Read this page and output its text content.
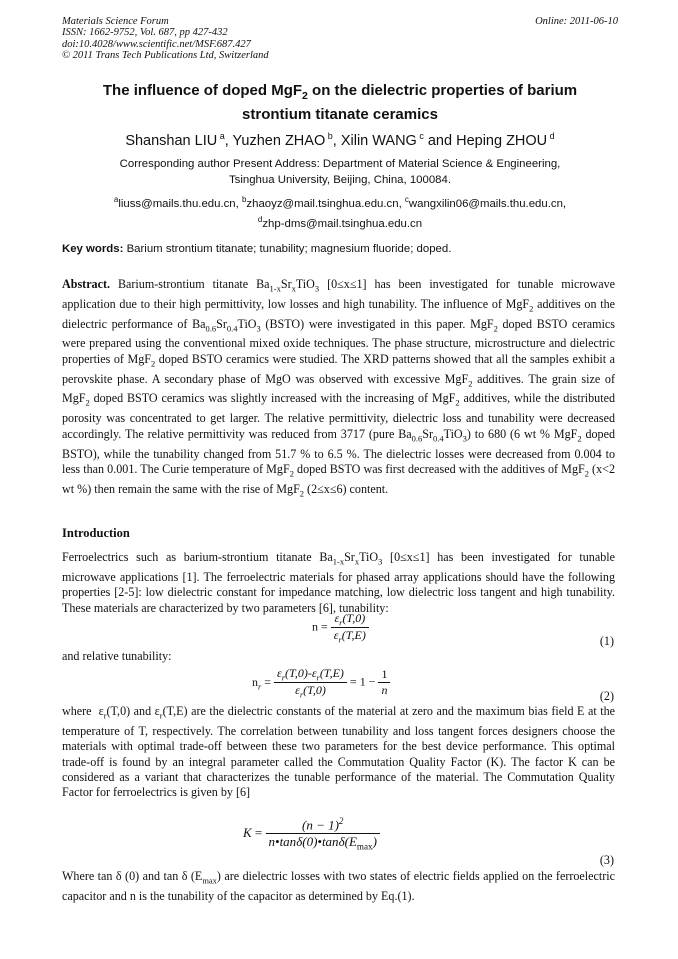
Materials Science Forum
ISSN: 1662-9752, Vol. 687, pp 427-432
doi:10.4028/www.scientific.net/MSF.687.427
© 2011 Trans Tech Publications Ltd, Switzerland
Online: 2011-06-10
The influence of doped MgF$_2$ on the dielectric properties of barium
strontium titanate ceramics
Shanshan LIU $^a$, Yuzhen ZHAO $^b$, Xilin WANG $^c$ and Heping ZHOU $^d$
Corresponding author Present Address: Department of Material Science & Engineering,
Tsinghua University, Beijing, China, 100084.
$^a$liuss@mails.thu.edu.cn, $^b$zhaoyz@mail.tsinghua.edu.cn, $^c$wangxilin06@mails.thu.edu.cn,
$^d$zhp-dms@mail.tsinghua.edu.cn
Key words: Barium strontium titanate; tunability; magnesium fluoride; doped.
Abstract. Barium-strontium titanate $Ba_{1-x}Sr_xTiO_3$ [0≤x≤1] has been investigated for tunable microwave application due to their high permittivity, low losses and high tunability. The influence of MgF$_2$ additives on the dielectric performance of $Ba_{0.6}Sr_{0.4}TiO_3$ (BSTO) were investigated in this paper. MgF$_2$ doped BSTO ceramics were prepared using the conventional mixed oxide techniques. The phase structure, microstructure and dielectric properties of MgF$_2$ doped BSTO ceramics were studied. The XRD patterns showed that all the samples exhibit a perovskite phase. A secondary phase of MgO was observed with excessive MgF$_2$ additives. The grain size of MgF$_2$ doped BSTO ceramics was slightly increased with the increasing of MgF$_2$ additives, while the distributed porosity was concentrated to get larger. The relative permittivity, dielectric loss and tunability were decreased accordingly. The relative permittivity was reduced from 3717 (pure $Ba_{0.6}Sr_{0.4}TiO_3$) to 680 (6 wt % MgF$_2$ doped BSTO), while the tunability changed from 51.7 % to 6.5 %. The dielectric losses were decreased from 0.004 to less than 0.001. The Curie temperature of MgF$_2$ doped BSTO was first decreased with the additives of MgF$_2$ (x<2 wt %) then remain the same with the rise of MgF$_2$ (2≤x≤6) content.
Introduction
Ferroelectrics such as barium-strontium titanate $Ba_{1-x}Sr_xTiO_3$ [0≤x≤1] has been investigated for tunable microwave applications [1]. The ferroelectric materials for phased array applications should have the following properties [2-5]: low dielectric constant for impedance matching, low dielectric loss tangent and high tunability. These materials are characterized by two parameters [6], tunability:
$n = \frac{\varepsilon_r(T,0)}{\varepsilon_r(T,E)}$	(1)
and relative tunability:
$n_r = \frac{\varepsilon_r(T,0)-\varepsilon_r(T,E)}{\varepsilon_r(T,0)} = 1 - \frac{1}{n}$	(2)
where  $\varepsilon_r(T,0)$ and $\varepsilon_r(T,E)$ are the dielectric constants of the material at zero and the maximum bias field E at the temperature of T, respectively. The correlation between tunability and loss tangent forces designers choose the materials with optimal trade-off between these two parameters for the best device performance. This optimal trade-off is found by an integral parameter called the Commutation Quality Factor (K). The factor K can be considered as a variant that characterizes the tunable performance of the material. The Commutation Quality Factor for ferroelectrics is given by [6]
$K = \frac{(n - 1)^2}{n•\tan\delta(0)•\tan\delta(E_{max})}$
(3)
Where tan δ (0) and tan δ $(E_{max})$ are dielectric losses with two states of electric fields applied on the ferroelectric capacitor and n is the tunability of the capacitor as determined by Eq.(1).
